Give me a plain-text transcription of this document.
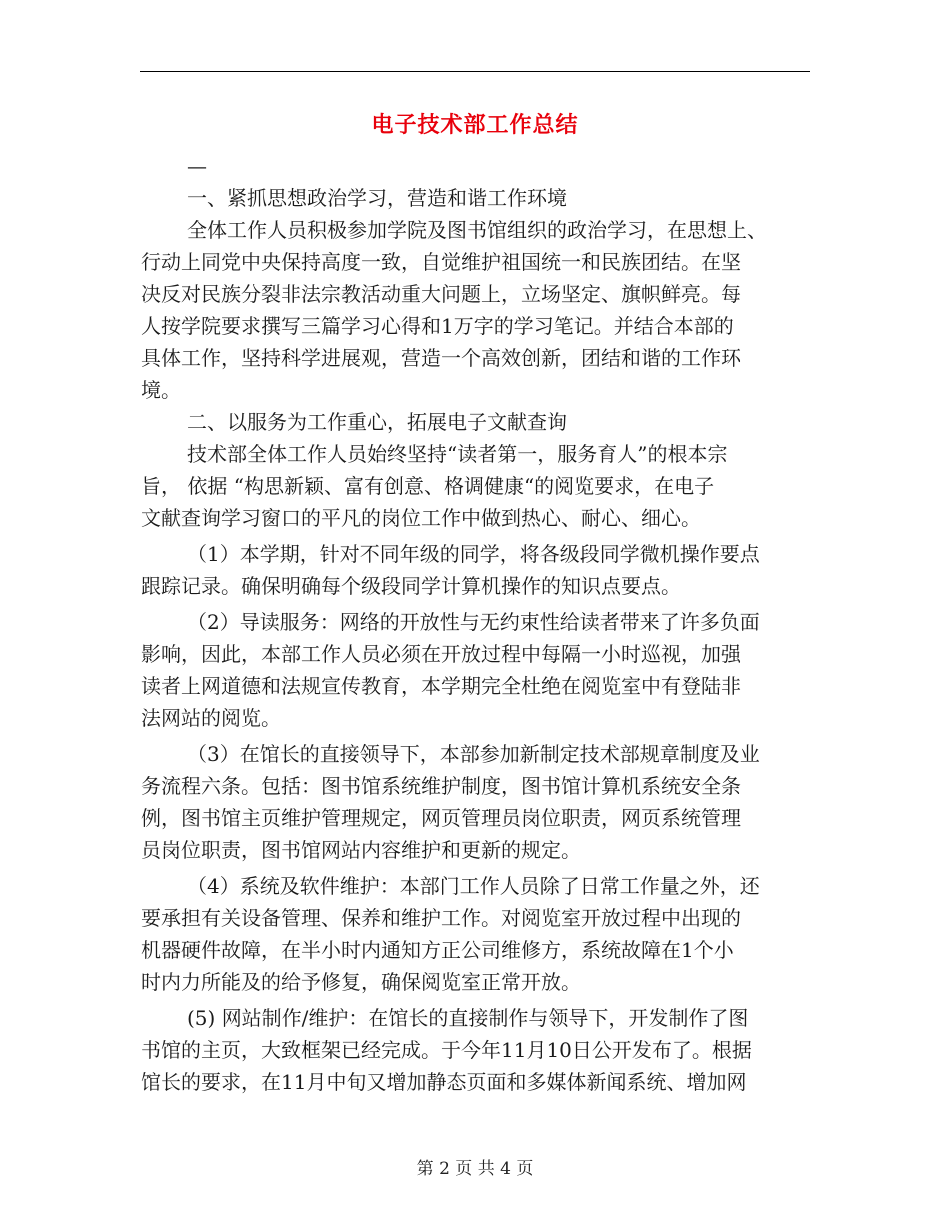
电子技术部工作总结
—
一、紧抓思想政治学习，营造和谐工作环境
全体工作人员积极参加学院及图书馆组织的政治学习，在思想上、
行动上同党中央保持高度一致，自觉维护祖国统一和民族团结。在坚
决反对民族分裂非法宗教活动重大问题上，立场坚定、旗帜鲜亮。每
人按学院要求撰写三篇学习心得和1万字的学习笔记。并结合本部的
具体工作，坚持科学进展观，营造一个高效创新，团结和谐的工作环
境。
二、以服务为工作重心，拓展电子文献查询
技术部全体工作人员始终坚持“读者第一，服务育人”的根本宗
旨， 依据 “构思新颖、富有创意、格调健康“的阅览要求，在电子
文献查询学习窗口的平凡的岗位工作中做到热心、耐心、细心。
（1）本学期，针对不同年级的同学，将各级段同学微机操作要点
跟踪记录。确保明确每个级段同学计算机操作的知识点要点。
（2）导读服务：网络的开放性与无约束性给读者带来了许多负面
影响，因此，本部工作人员必须在开放过程中每隔一小时巡视，加强
读者上网道德和法规宣传教育，本学期完全杜绝在阅览室中有登陆非
法网站的阅览。
（3）在馆长的直接领导下，本部参加新制定技术部规章制度及业
务流程六条。包括：图书馆系统维护制度，图书馆计算机系统安全条
例，图书馆主页维护管理规定，网页管理员岗位职责，网页系统管理
员岗位职责，图书馆网站内容维护和更新的规定。
（4）系统及软件维护：本部门工作人员除了日常工作量之外，还
要承担有关设备管理、保养和维护工作。对阅览室开放过程中出现的
机器硬件故障，在半小时内通知方正公司维修方，系统故障在1个小
时内力所能及的给予修复，确保阅览室正常开放。
(5) 网站制作/维护：在馆长的直接制作与领导下，开发制作了图
书馆的主页，大致框架已经完成。于今年11月10日公开发布了。根据
馆长的要求，在11月中旬又增加静态页面和多媒体新闻系统、增加网
第 2 页 共 4 页
